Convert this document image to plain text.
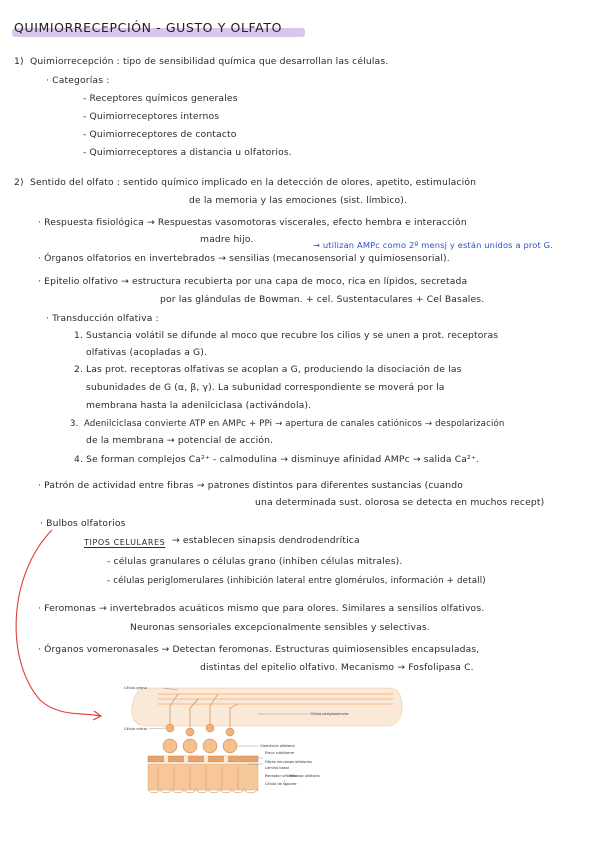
QUIMIORRECEPCIÓN - GUSTO Y OLFATO
1) Quimiorrecepción : tipo de sensibilidad química que desarrollan las células.
· Categorías :
- Receptores químicos generales
- Quimiorreceptores internos
- Quimiorreceptores de contacto
- Quimiorreceptores a distancia u olfatorios.
2) Sentido del olfato : sentido químico implicado en la detección de olores, apetito, estimulación
de la memoria y las emociones (sist. límbico).
· Respuesta fisiológica → Respuestas vasomotoras viscerales, efecto hembra e interacción
madre hijo.	→ utilizan AMPc como 2º mensj y están unidos a prot G.
· Órganos olfatorios en invertebrados → sensilias (mecanosensorial y quimiosensorial).
· Epitelio olfativo → estructura recubierta por una capa de moco, rica en lípidos, secretada
por las glándulas de Bowman. + cel. Sustentaculares + Cel Basales.
· Transducción olfativa :
1. Sustancia volátil se difunde al moco que recubre los cilios y se unen a prot. receptoras
olfativas (acopladas a G).
2. Las prot. receptoras olfativas se acoplan a G, produciendo la disociación de las
subunidades de G (α, β, γ). La subunidad correspondiente se moverá por la
membrana hasta la adenilciclasa (activándola).
3. Adenilciclasa convierte ATP en AMPc + PPi → apertura de canales catiónicos → despolarización
de la membrana → potencial de acción.
4. Se forman complejos Ca²⁺ - calmodulina → disminuye afinidad AMPc → salida Ca²⁺.
· Patrón de actividad entre fibras → patrones distintos para diferentes sustancias (cuando
una determinada sust. olorosa se detecta en muchos recept)
· Bulbos olfatorios
TIPOS CELULARES → establecen sinapsis dendrodendrítica
- células granulares o células grano (inhiben células mitrales).
- células periglomerulares (inhibición lateral entre glomérulos, información + detall)
· Feromonas → invertebrados acuáticos mismo que para olores. Similares a sensilios olfativos.
Neuronas sensoriales excepcionalmente sensibles y selectivas.
· Órganos vomeronasales → Detectan feromonas. Estructuras quimiosensibles encapsuladas,
distintas del epitelio olfativo. Mecanismo → Fosfolipasa C.
Célula grano
Célula periglomerular
Célula mitral
Glomérulo olfatorio
Placa cribiforme
Fibras nerviosas olfatorias
Lámina basal
Receptor olfatorio
Célula de soporte
Mucosa olfatoria
